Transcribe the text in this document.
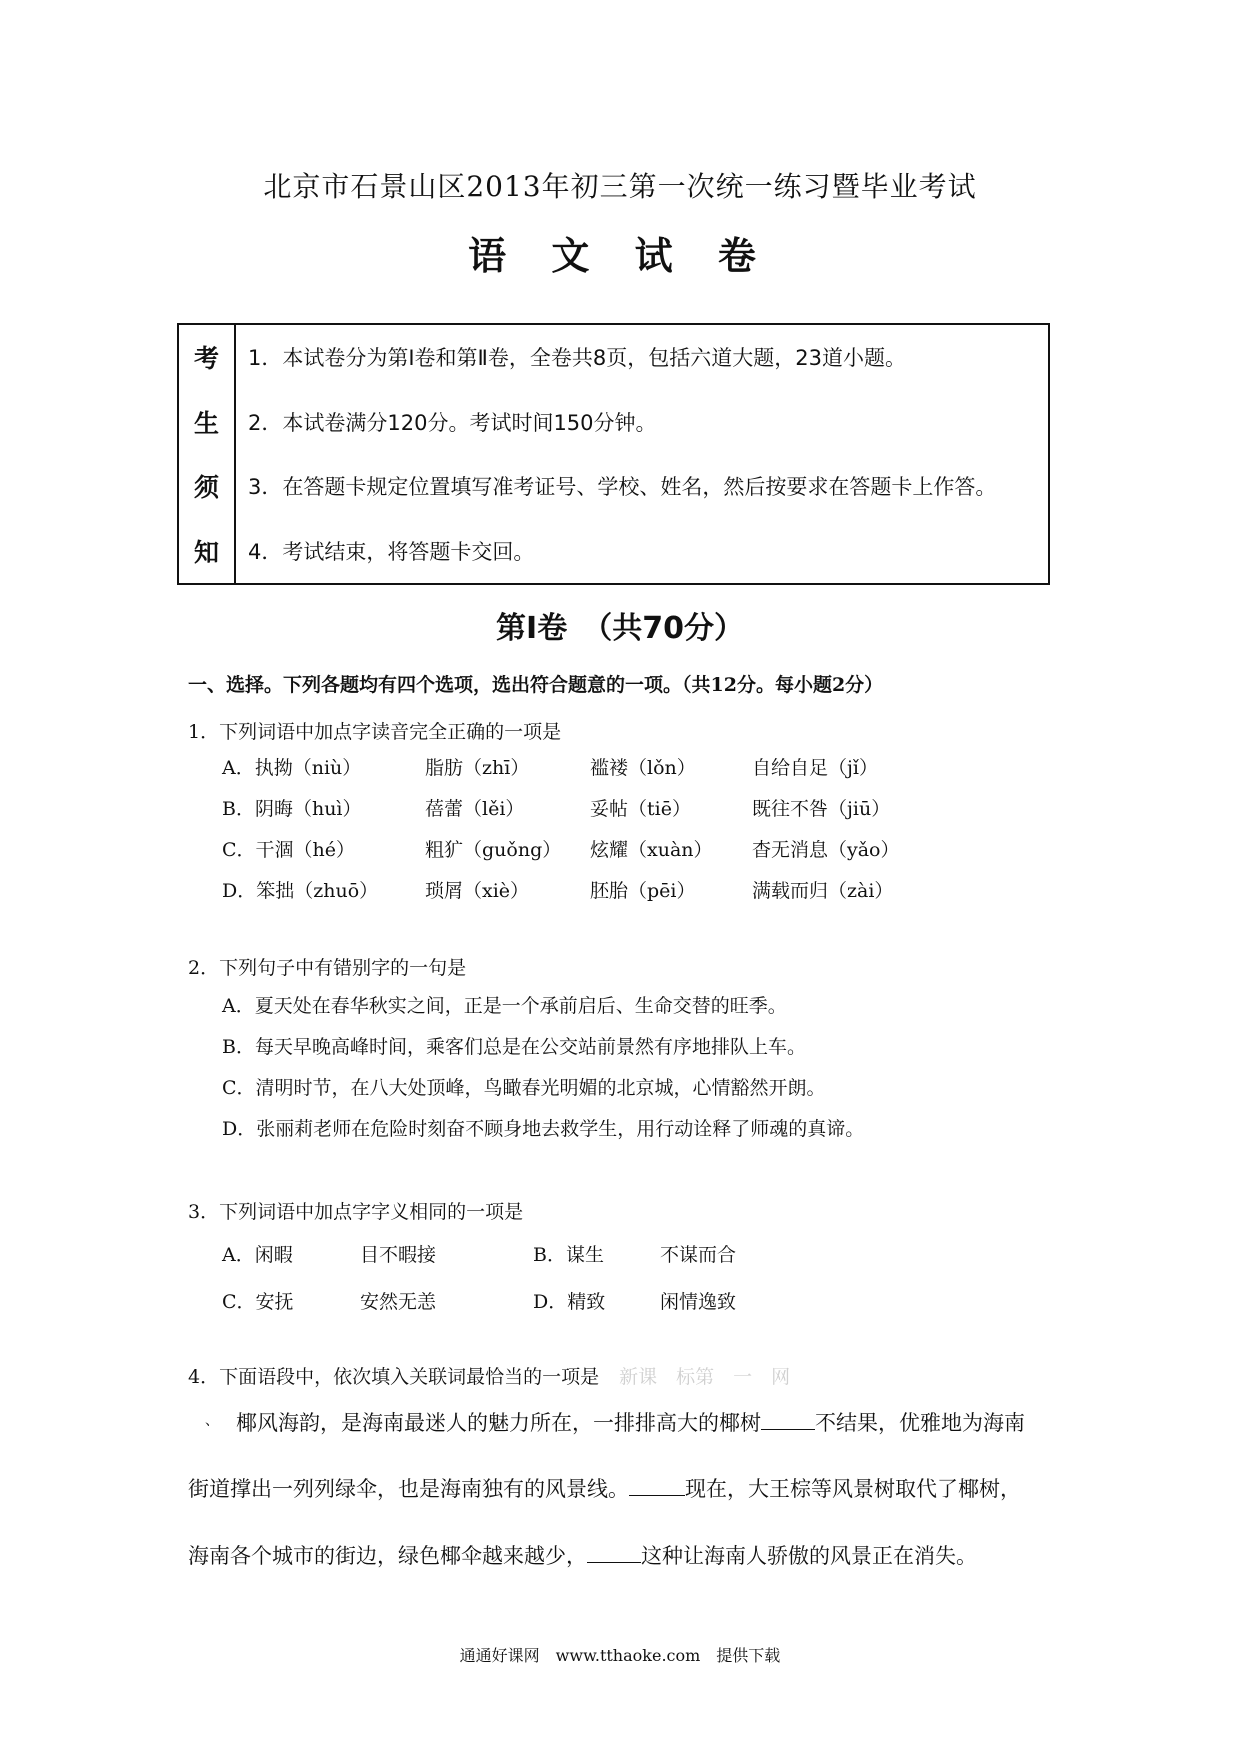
北京市石景山区2013年初三第一次统一练习暨毕业考试
语 文 试 卷
考
生
须
知
1．本试卷分为第Ⅰ卷和第Ⅱ卷，全卷共8页，包括六道大题，23道小题。
2．本试卷满分120分。考试时间150分钟。
3．在答题卡规定位置填写准考证号、学校、姓名，然后按要求在答题卡上作答。
4．考试结束，将答题卡交回。
第Ⅰ卷　（共70分）
一、选择。下列各题均有四个选项，选出符合题意的一项。（共12分。每小题2分）
1．下列词语中加点字读音完全正确的一项是
A．执拗（niù）	脂肪（zhī）	褴褛（lǒn）	自给自足（jǐ）
B．阴晦（huì）	蓓蕾（lěi）	妥帖（tiē）	既往不咎（jiū）
C．干涸（hé）	粗犷（guǒng） 炫耀（xuàn） 杳无消息（yǎo）
D．笨拙（zhuō） 琐屑（xiè）	胚胎（pēi）	满载而归（zài）
2．下列句子中有错别字的一句是
A．夏天处在春华秋实之间，正是一个承前启后、生命交替的旺季。
B．每天早晚高峰时间，乘客们总是在公交站前景然有序地排队上车。
C．清明时节，在八大处顶峰，鸟瞰春光明媚的北京城，心情豁然开朗。
D．张丽莉老师在危险时刻奋不顾身地去救学生，用行动诠释了师魂的真谛。
3．下列词语中加点字字义相同的一项是
A．闲暇	目不暇接	B．谋生	不谋而合
C．安抚	安然无恙	D．精致	闲情逸致
4．下面语段中，依次填入关联词最恰当的一项是 新课　标第　一　网
、 椰风海韵，是海南最迷人的魅力所在，一排排高大的椰树	不结果，优雅地为海南
街道撑出一列列绿伞，也是海南独有的风景线。	现在，大王棕等风景树取代了椰树，
海南各个城市的街边，绿色椰伞越来越少，	这种让海南人骄傲的风景正在消失。
通通好课网　www.tthaoke.com　提供下载
